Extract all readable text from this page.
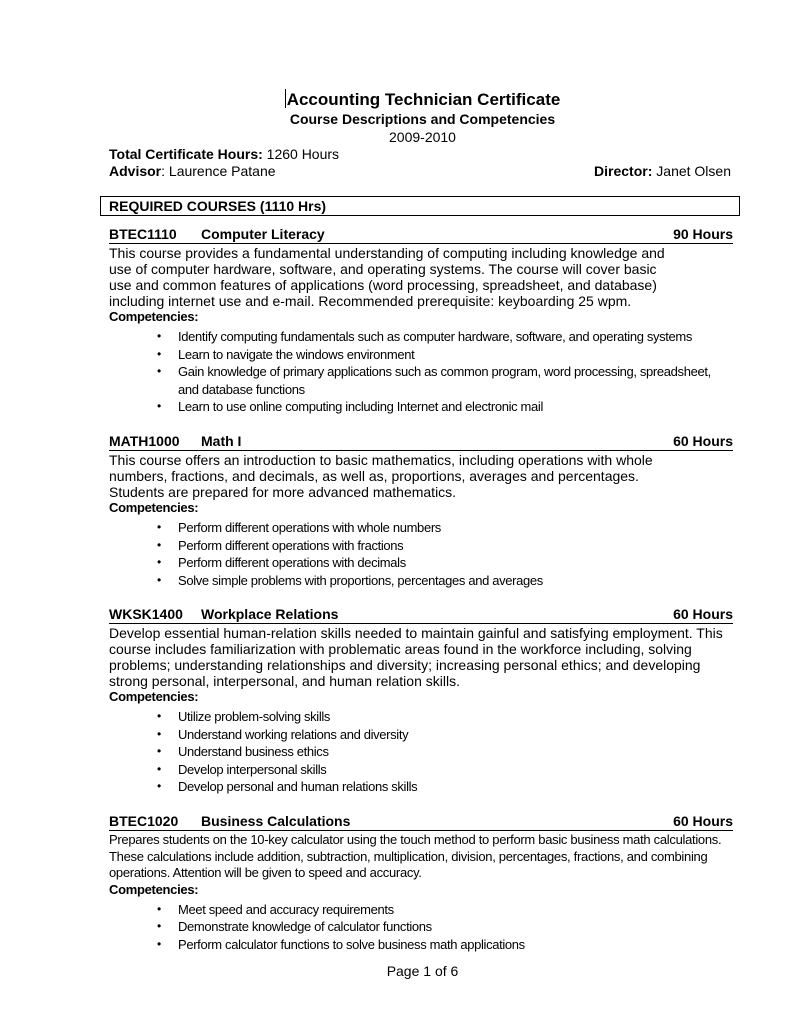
Accounting Technician Certificate
Course Descriptions and Competencies
2009-2010
Total Certificate Hours: 1260 Hours
Advisor: Laurence Patane	Director: Janet Olsen
REQUIRED COURSES (1110 Hrs)
BTEC1110 Computer Literacy	90 Hours
This course provides a fundamental understanding of computing including knowledge and
use of computer hardware, software, and operating systems. The course will cover basic
use and common features of applications (word processing, spreadsheet, and database)
including internet use and e-mail. Recommended prerequisite: keyboarding 25 wpm.
Competencies:
• Identify computing fundamentals such as computer hardware, software, and operating systems
• Learn to navigate the windows environment
• Gain knowledge of primary applications such as common program, word processing, spreadsheet, and database functions
• Learn to use online computing including Internet and electronic mail
MATH1000 Math I	60 Hours
This course offers an introduction to basic mathematics, including operations with whole
numbers, fractions, and decimals, as well as, proportions, averages and percentages.
Students are prepared for more advanced mathematics.
Competencies:
• Perform different operations with whole numbers
• Perform different operations with fractions
• Perform different operations with decimals
• Solve simple problems with proportions, percentages and averages
WKSK1400 Workplace Relations	60 Hours
Develop essential human-relation skills needed to maintain gainful and satisfying employment. This
course includes familiarization with problematic areas found in the workforce including, solving
problems; understanding relationships and diversity; increasing personal ethics; and developing
strong personal, interpersonal, and human relation skills.
Competencies:
• Utilize problem-solving skills
• Understand working relations and diversity
• Understand business ethics
• Develop interpersonal skills
• Develop personal and human relations skills
BTEC1020 Business Calculations	60 Hours
Prepares students on the 10-key calculator using the touch method to perform basic business math calculations.
These calculations include addition, subtraction, multiplication, division, percentages, fractions, and combining
operations. Attention will be given to speed and accuracy.
Competencies:
• Meet speed and accuracy requirements
• Demonstrate knowledge of calculator functions
• Perform calculator functions to solve business math applications
Page 1 of 6
